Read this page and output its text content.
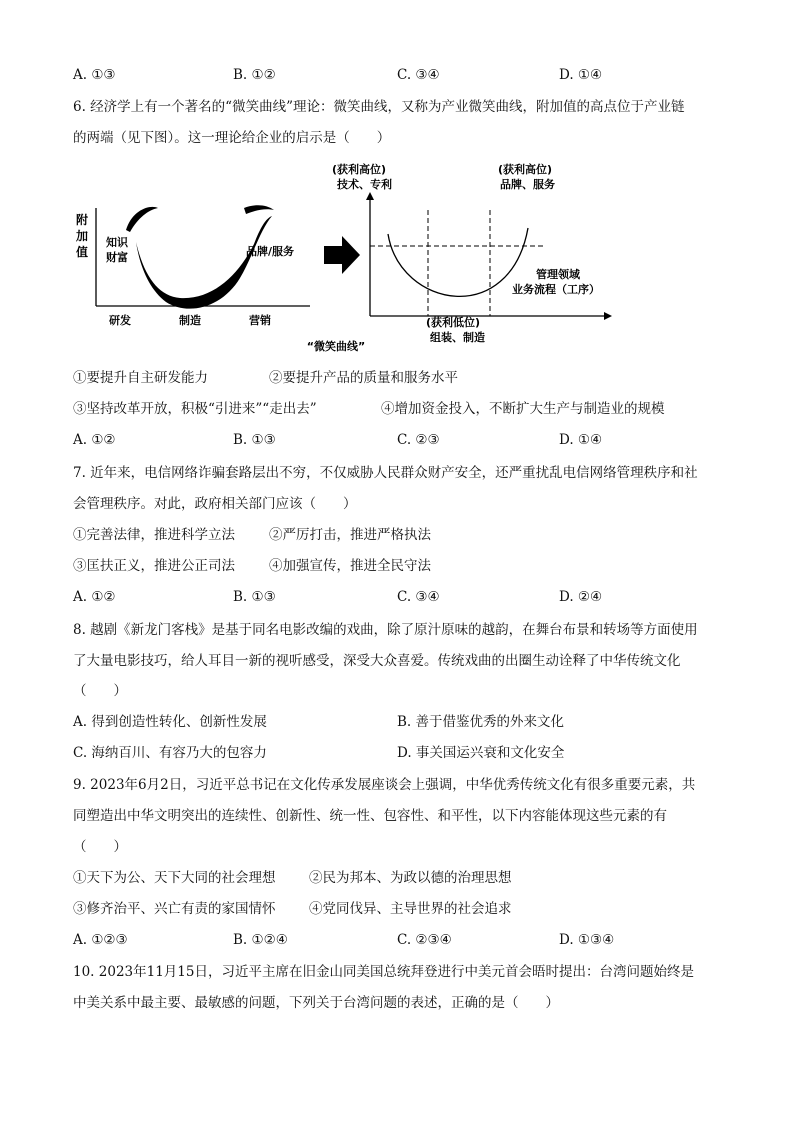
A. ①③	B. ①②	C. ③④	D. ①④
6. 经济学上有一个著名的“微笑曲线”理论：微笑曲线，又称为产业微笑曲线，附加值的高点位于产业链
的两端（见下图）。这一理论给企业的启示是（　　）
附
加
值
知识
财富	品牌/服务
研发	制造	营销
“微笑曲线”
(获利高位)
技术、专利
(获利高位)
品牌、服务
管理领域
业务流程（工序）
(获利低位)
组装、制造
①要提升自主研发能力	②要提升产品的质量和服务水平
③坚持改革开放，积极“引进来”“走出去”	④增加资金投入，不断扩大生产与制造业的规模
A. ①②	B. ①③	C. ②③	D. ①④
7. 近年来，电信网络诈骗套路层出不穷，不仅威胁人民群众财产安全，还严重扰乱电信网络管理秩序和社
会管理秩序。对此，政府相关部门应该（　　）
①完善法律，推进科学立法	②严厉打击，推进严格执法
③匡扶正义，推进公正司法	④加强宣传，推进全民守法
A. ①②	B. ①③	C. ③④	D. ②④
8. 越剧《新龙门客栈》是基于同名电影改编的戏曲，除了原汁原味的越韵，在舞台布景和转场等方面使用
了大量电影技巧，给人耳目一新的视听感受，深受大众喜爱。传统戏曲的出圈生动诠释了中华传统文化
（　　）
A. 得到创造性转化、创新性发展	B. 善于借鉴优秀的外来文化
C. 海纳百川、有容乃大的包容力	D. 事关国运兴衰和文化安全
9. 2023年6月2日，习近平总书记在文化传承发展座谈会上强调，中华优秀传统文化有很多重要元素，共
同塑造出中华文明突出的连续性、创新性、统一性、包容性、和平性，以下内容能体现这些元素的有
（　　）
①天下为公、天下大同的社会理想 ②民为邦本、为政以德的治理思想
③修齐治平、兴亡有责的家国情怀 ④党同伐异、主导世界的社会追求
A. ①②③	B. ①②④	C. ②③④	D. ①③④
10. 2023年11月15日，习近平主席在旧金山同美国总统拜登进行中美元首会晤时提出：台湾问题始终是
中美关系中最主要、最敏感的问题，下列关于台湾问题的表述，正确的是（　　）
